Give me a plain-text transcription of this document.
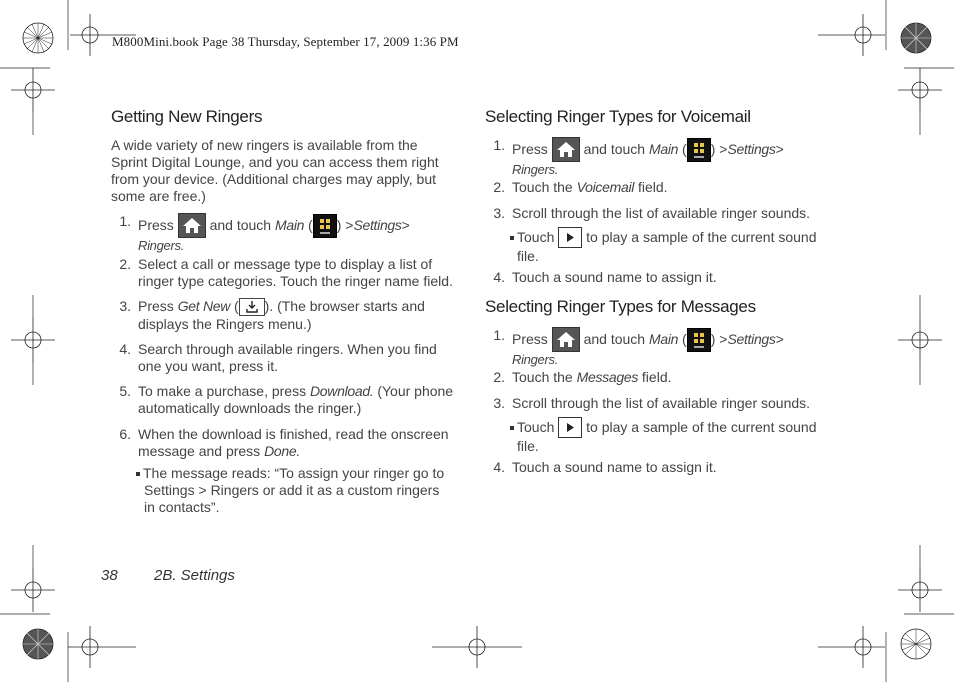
M800Mini.book Page 38 Thursday, September 17, 2009 1:36 PM
Getting New Ringers
A wide variety of new ringers is available from the
Sprint Digital Lounge, and you can access them right
from your device. (Additional charges may apply, but
some are free.)
1. Press	and touch Main ( ) >Settings>
Ringers.
2. Select a call or message type to display a list of
ringer type categories. Touch the ringer name field.
3. Press Get New ( ). (The browser starts and
displays the Ringers menu.)
4. Search through available ringers. When you find
one you want, press it.
5. To make a purchase, press Download. (Your phone
automatically downloads the ringer.)
6. When the download is finished, read the onscreen
message and press Done.
The message reads: “To assign your ringer go to
Settings > Ringers or add it as a custom ringers
in contacts”.
Selecting Ringer Types for Voicemail
1. Press	and touch Main ( ) >Settings>
Ringers.
2. Touch the Voicemail field.
3. Scroll through the list of available ringer sounds.
Touch to play a sample of the current sound
file.
4. Touch a sound name to assign it.
Selecting Ringer Types for Messages
1. Press	and touch Main ( ) >Settings>
Ringers.
2. Touch the Messages field.
3. Scroll through the list of available ringer sounds.
Touch to play a sample of the current sound
file.
4. Touch a sound name to assign it.
38 2B. Settings
